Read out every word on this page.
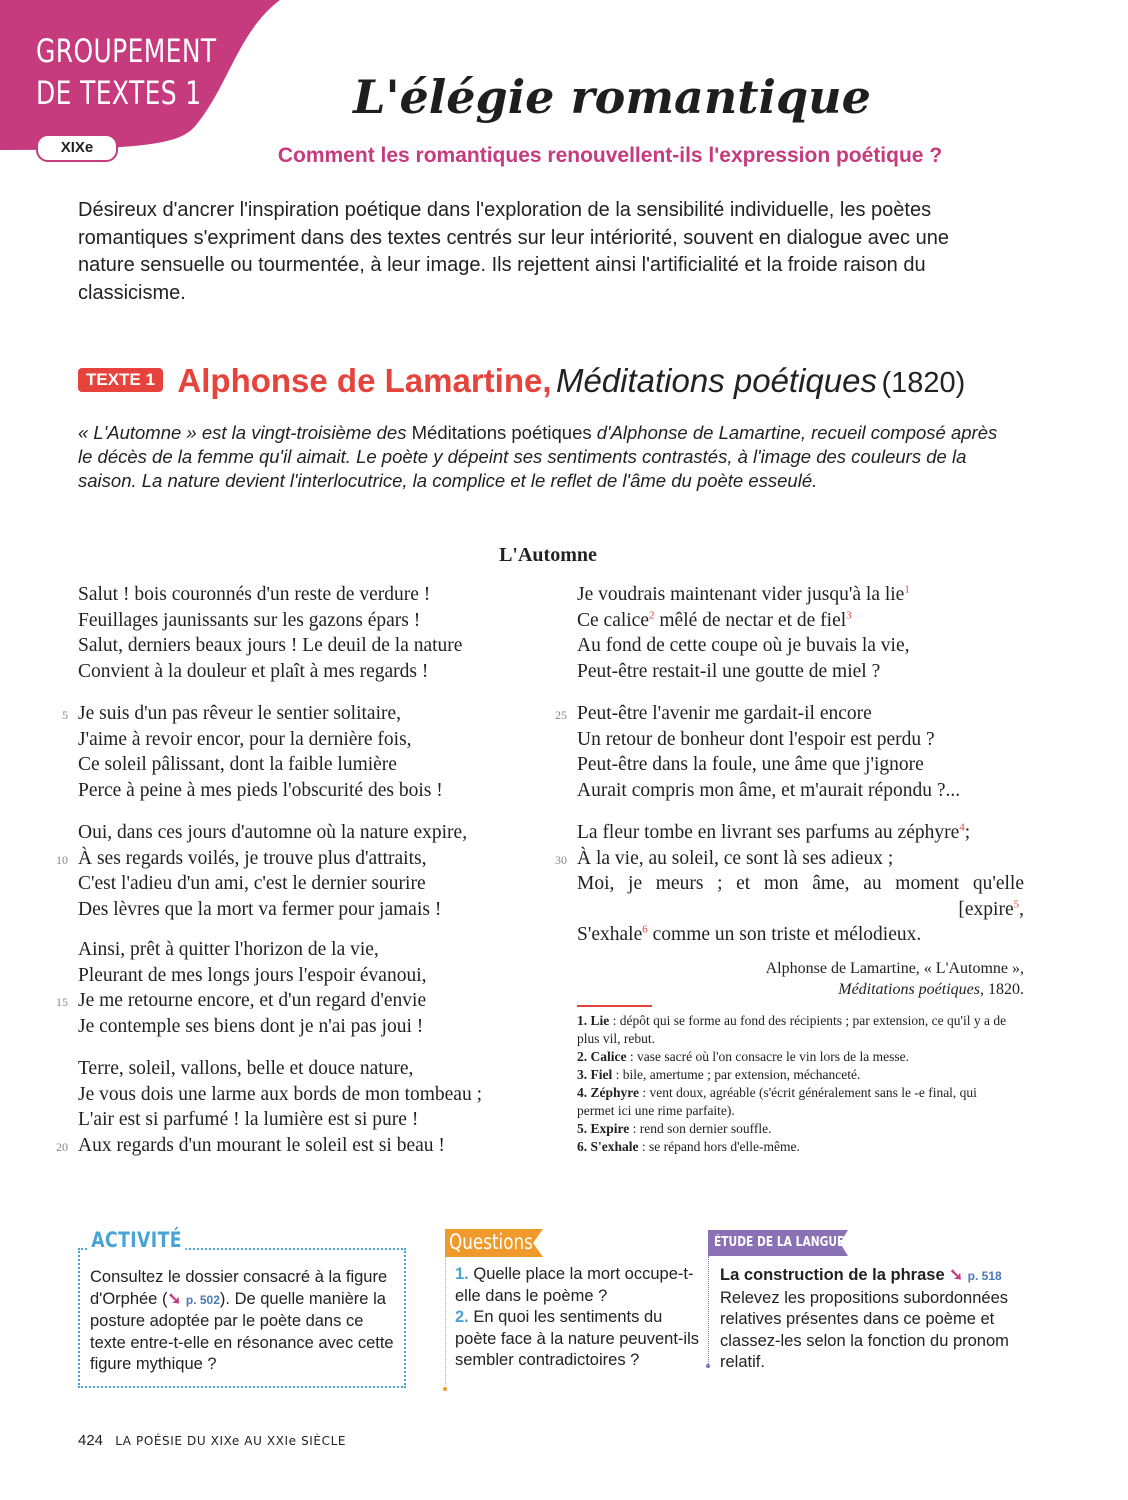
GROUPEMENT
DE TEXTES 1
XIXe
L'élégie romantique
Comment les romantiques renouvellent-ils l'expression poétique ?
Désireux d'ancrer l'inspiration poétique dans l'exploration de la sensibilité individuelle, les poètes romantiques s'expriment dans des textes centrés sur leur intériorité, souvent en dialogue avec une nature sensuelle ou tourmentée, à leur image. Ils rejettent ainsi l'artificialité et la froide raison du classicisme.
TEXTE 1 Alphonse de Lamartine, Méditations poétiques (1820)
« L'Automne » est la vingt-troisième des Méditations poétiques d'Alphonse de Lamartine, recueil composé après le décès de la femme qu'il aimait. Le poète y dépeint ses sentiments contrastés, à l'image des couleurs de la saison. La nature devient l'interlocutrice, la complice et le reflet de l'âme du poète esseulé.
L'Automne
Salut ! bois couronnés d'un reste de verdure !
Feuillages jaunissants sur les gazons épars !
Salut, derniers beaux jours ! Le deuil de la nature
Convient à la douleur et plaît à mes regards !
5 Je suis d'un pas rêveur le sentier solitaire,
J'aime à revoir encor, pour la dernière fois,
Ce soleil pâlissant, dont la faible lumière
Perce à peine à mes pieds l'obscurité des bois !
Oui, dans ces jours d'automne où la nature expire,
10 À ses regards voilés, je trouve plus d'attraits,
C'est l'adieu d'un ami, c'est le dernier sourire
Des lèvres que la mort va fermer pour jamais !
Ainsi, prêt à quitter l'horizon de la vie,
Pleurant de mes longs jours l'espoir évanoui,
15 Je me retourne encore, et d'un regard d'envie
Je contemple ses biens dont je n'ai pas joui !
Terre, soleil, vallons, belle et douce nature,
Je vous dois une larme aux bords de mon tombeau ;
L'air est si parfumé ! la lumière est si pure !
20 Aux regards d'un mourant le soleil est si beau !
Je voudrais maintenant vider jusqu'à la lie$^1$
Ce calice$^2$ mêlé de nectar et de fiel$^3$
Au fond de cette coupe où je buvais la vie,
Peut-être restait-il une goutte de miel ?
25 Peut-être l'avenir me gardait-il encore
Un retour de bonheur dont l'espoir est perdu ?
Peut-être dans la foule, une âme que j'ignore
Aurait compris mon âme, et m'aurait répondu ?...
La fleur tombe en livrant ses parfums au zéphyre$^4$;
30 À la vie, au soleil, ce sont là ses adieux ;
Moi, je meurs ; et mon âme, au moment qu'elle
[expire$^5$,
S'exhale$^6$ comme un son triste et mélodieux.
Alphonse de Lamartine, « L'Automne »,
Méditations poétiques, 1820.
1. Lie : dépôt qui se forme au fond des récipients ; par extension, ce qu'il y a de plus vil, rebut.
2. Calice : vase sacré où l'on consacre le vin lors de la messe.
3. Fiel : bile, amertume ; par extension, méchanceté.
4. Zéphyre : vent doux, agréable (s'écrit généralement sans le -e final, qui permet ici une rime parfaite).
5. Expire : rend son dernier souffle.
6. S'exhale : se répand hors d'elle-même.
ACTIVITÉ
Consultez le dossier consacré à la figure d'Orphée (➘ p. 502). De quelle manière la posture adoptée par le poète dans ce texte entre-t-elle en résonance avec cette figure mythique ?
Questions
1. Quelle place la mort occupe-t-elle dans le poème ?
2. En quoi les sentiments du poète face à la nature peuvent-ils sembler contradictoires ?
ÉTUDE DE LA LANGUE
La construction de la phrase ➘ p. 518
Relevez les propositions subordonnées relatives présentes dans ce poème et classez-les selon la fonction du pronom relatif.
424 LA POÉSIE DU XIXe AU XXIe SIÈCLE
